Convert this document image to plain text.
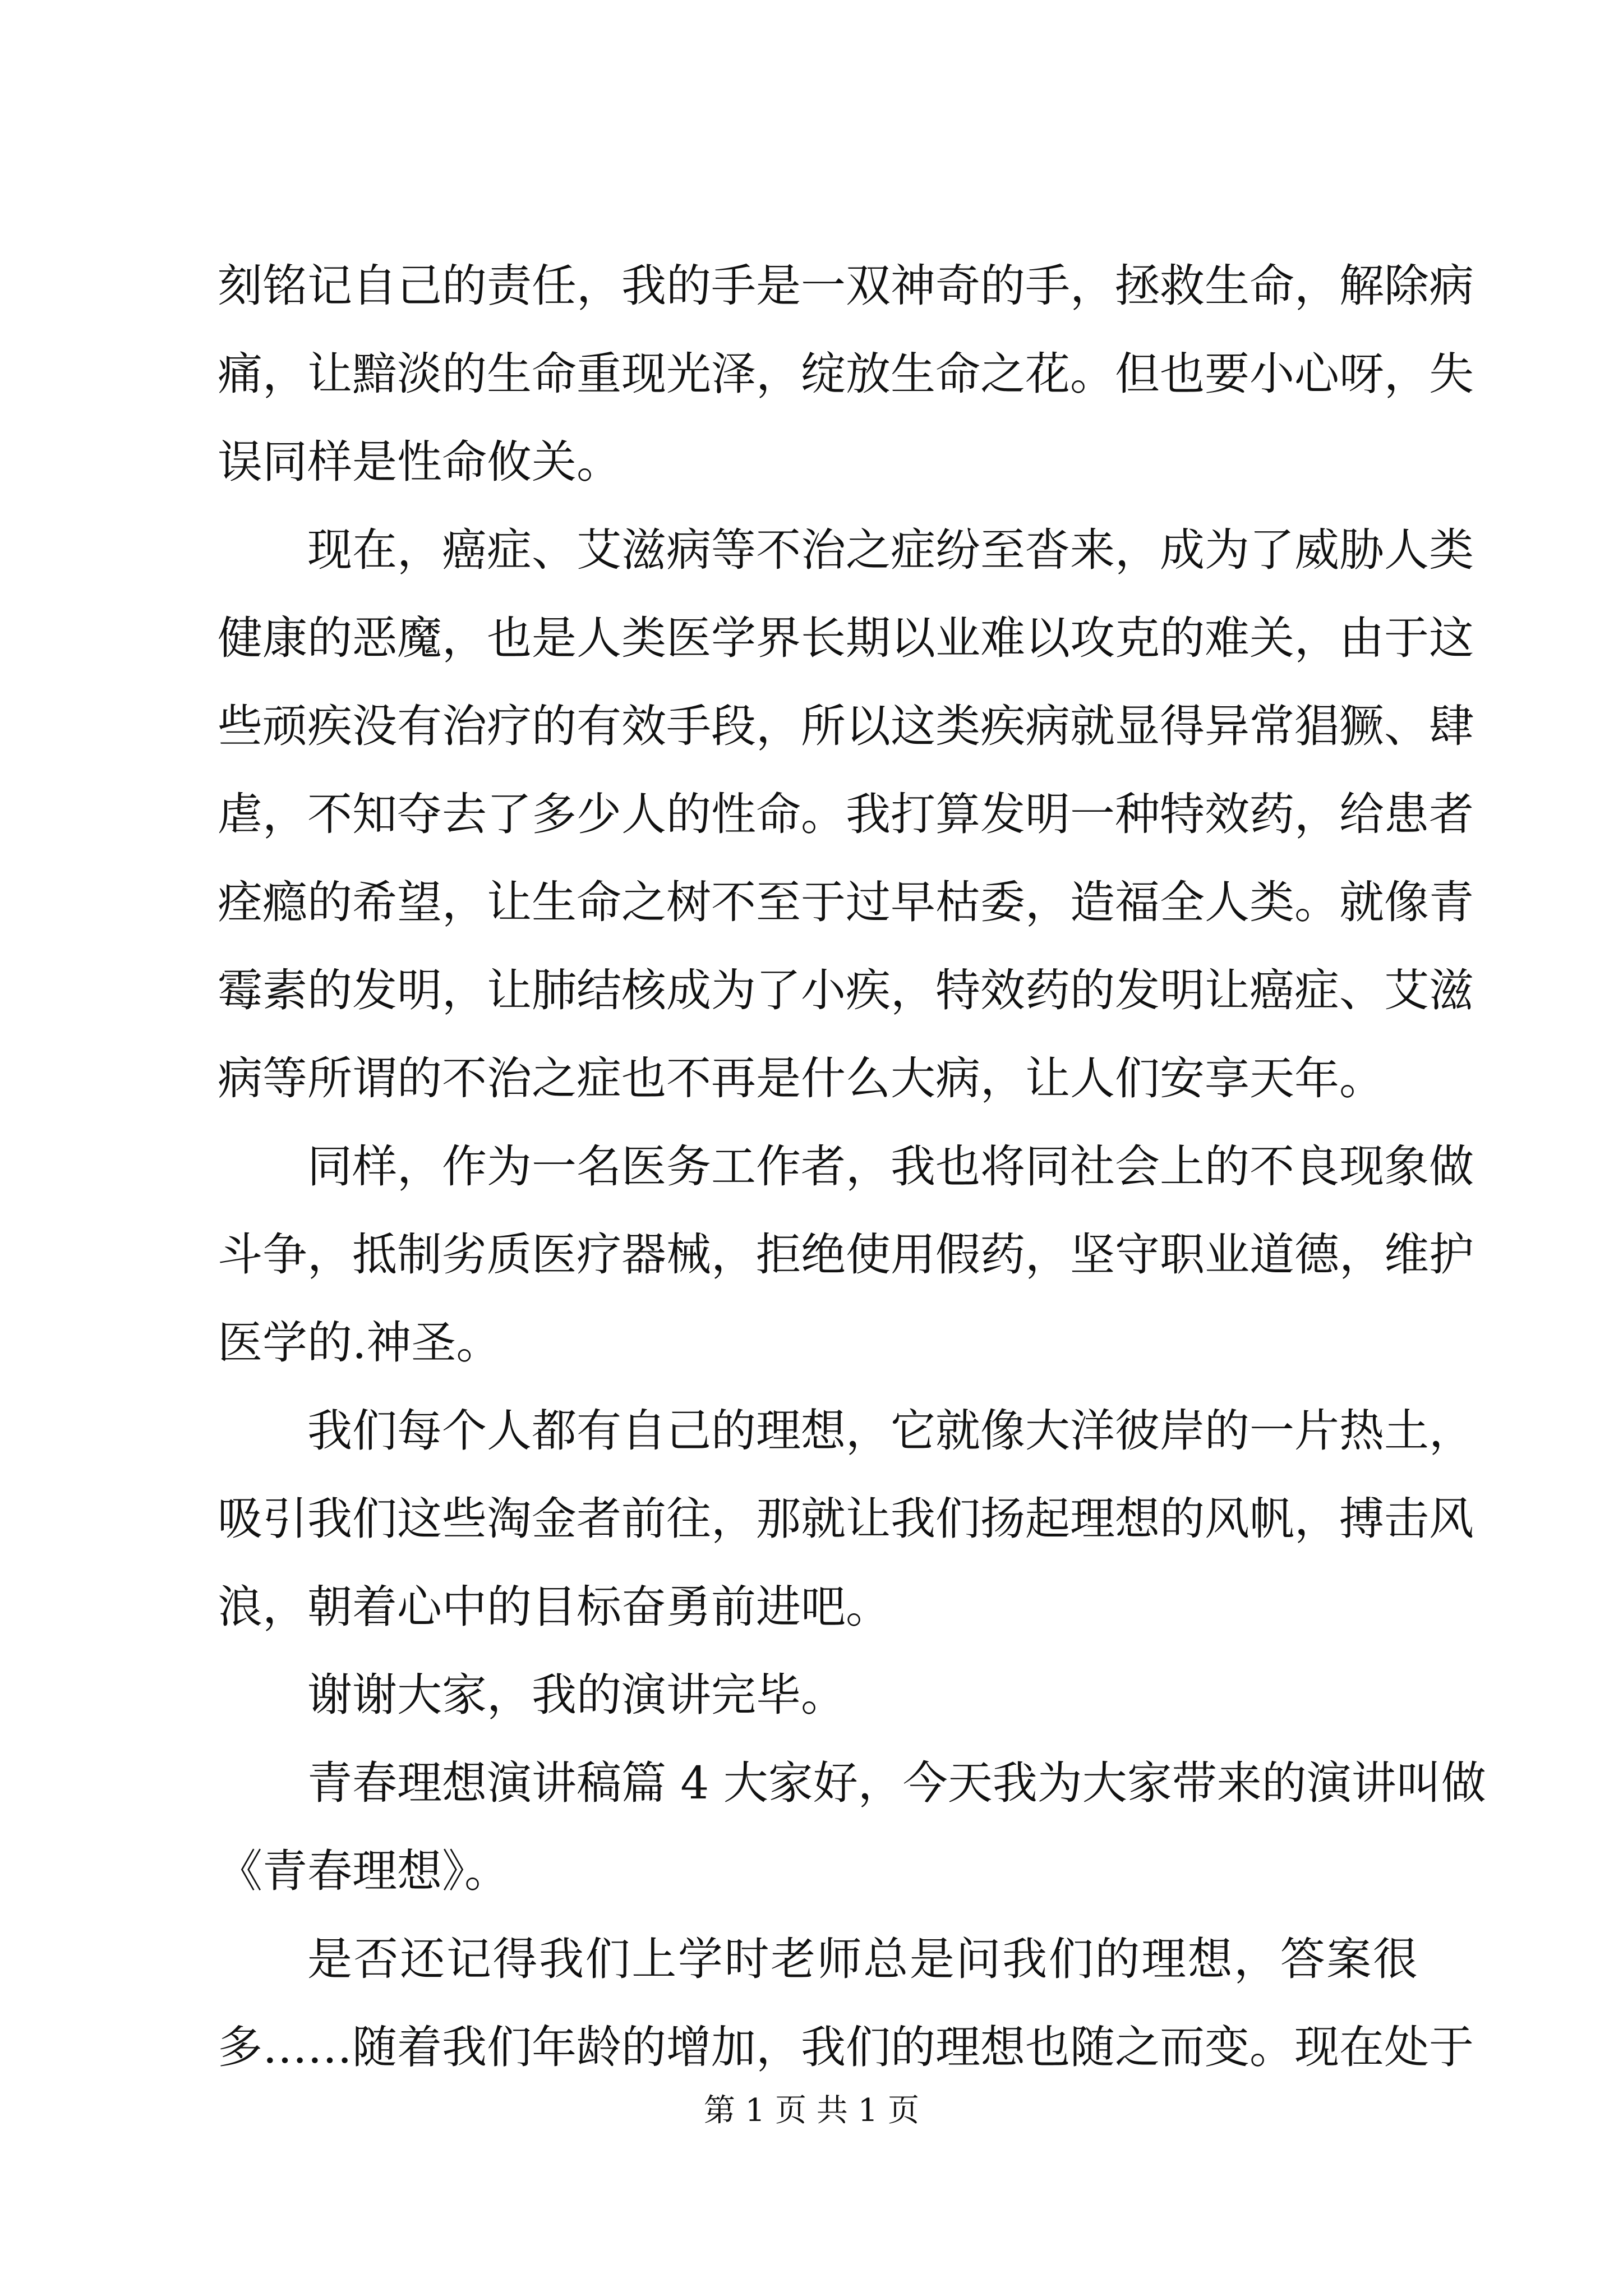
刻铭记自己的责任，我的手是一双神奇的手，拯救生命，解除病
痛，让黯淡的生命重现光泽，绽放生命之花。但也要小心呀，失
误同样是性命攸关。
现在，癌症、艾滋病等不治之症纷至沓来，成为了威胁人类
健康的恶魔，也是人类医学界长期以业难以攻克的难关，由于这
些顽疾没有治疗的有效手段，所以这类疾病就显得异常猖獗、肆
虐，不知夺去了多少人的性命。我打算发明一种特效药，给患者
痊瘾的希望，让生命之树不至于过早枯委，造福全人类。就像青
霉素的发明，让肺结核成为了小疾，特效药的发明让癌症、艾滋
病等所谓的不治之症也不再是什么大病，让人们安享天年。
同样，作为一名医务工作者，我也将同社会上的不良现象做
斗争，抵制劣质医疗器械，拒绝使用假药，坚守职业道德，维护
医学的.神圣。
我们每个人都有自己的理想，它就像大洋彼岸的一片热土，
吸引我们这些淘金者前往，那就让我们扬起理想的风帆，搏击风
浪，朝着心中的目标奋勇前进吧。
谢谢大家，我的演讲完毕。
青春理想演讲稿篇 4 大家好，今天我为大家带来的演讲叫做
《青春理想》。
是否还记得我们上学时老师总是问我们的理想，答案很
多……随着我们年龄的增加，我们的理想也随之而变。现在处于
第 1 页 共 1 页
